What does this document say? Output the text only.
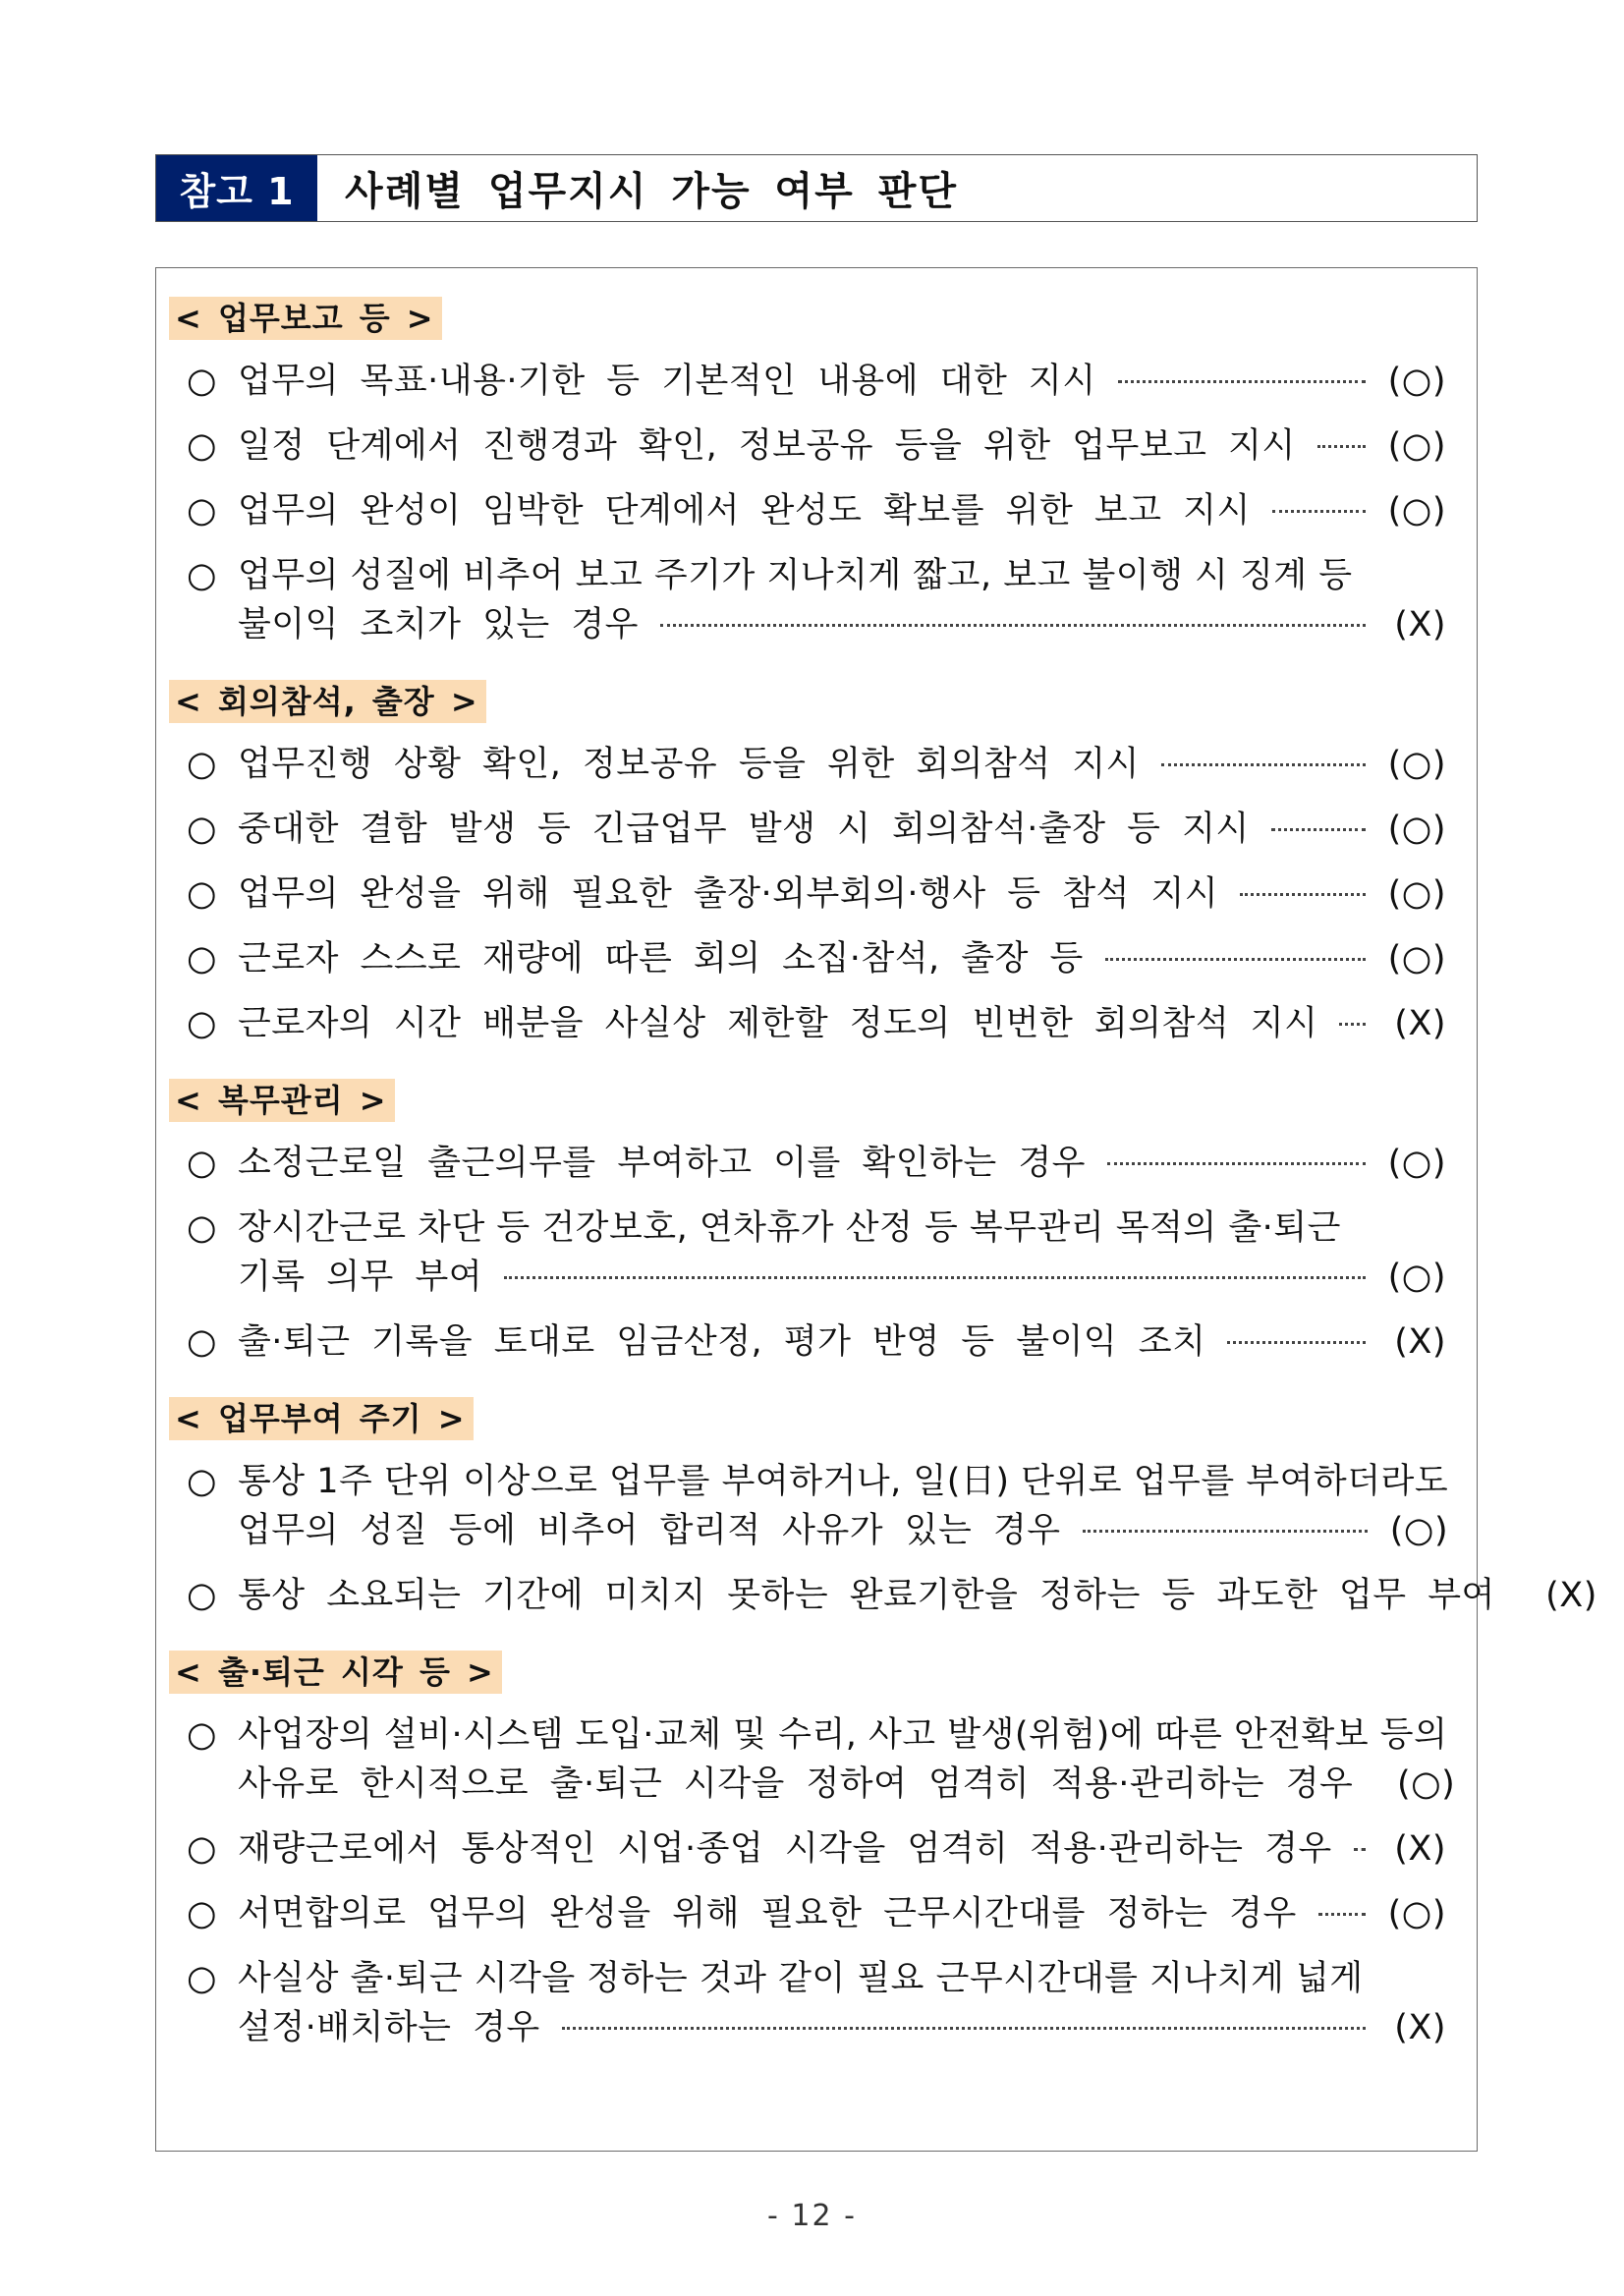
참고 1	사례별 업무지시 가능 여부 판단
< 업무보고 등 >
○ 업무의 목표·내용·기한 등 기본적인 내용에 대한 지시	(○)
○ 일정 단계에서 진행경과 확인, 정보공유 등을 위한 업무보고 지시	(○)
○ 업무의 완성이 임박한 단계에서 완성도 확보를 위한 보고 지시	(○)
○ 업무의 성질에 비추어 보고 주기가 지나치게 짧고, 보고 불이행 시 징계 등
불이익 조치가 있는 경우	(X)
< 회의참석, 출장 >
○ 업무진행 상황 확인, 정보공유 등을 위한 회의참석 지시	(○)
○ 중대한 결함 발생 등 긴급업무 발생 시 회의참석·출장 등 지시	(○)
○ 업무의 완성을 위해 필요한 출장·외부회의·행사 등 참석 지시	(○)
○ 근로자 스스로 재량에 따른 회의 소집·참석, 출장 등	(○)
○ 근로자의 시간 배분을 사실상 제한할 정도의 빈번한 회의참석 지시	(X)
< 복무관리 >
○ 소정근로일 출근의무를 부여하고 이를 확인하는 경우	(○)
○ 장시간근로 차단 등 건강보호, 연차휴가 산정 등 복무관리 목적의 출·퇴근
기록 의무 부여	(○)
○ 출·퇴근 기록을 토대로 임금산정, 평가 반영 등 불이익 조치	(X)
< 업무부여 주기 >
○ 통상 1주 단위 이상으로 업무를 부여하거나, 일(日) 단위로 업무를 부여하더라도
업무의 성질 등에 비추어 합리적 사유가 있는 경우	(○)
○ 통상 소요되는 기간에 미치지 못하는 완료기한을 정하는 등 과도한 업무 부여	(X)
< 출·퇴근 시각 등 >
○ 사업장의 설비·시스템 도입·교체 및 수리, 사고 발생(위험)에 따른 안전확보 등의
사유로 한시적으로 출·퇴근 시각을 정하여 엄격히 적용·관리하는 경우 (○)
○ 재량근로에서 통상적인 시업·종업 시각을 엄격히 적용·관리하는 경우	(X)
○ 서면합의로 업무의 완성을 위해 필요한 근무시간대를 정하는 경우	(○)
○ 사실상 출·퇴근 시각을 정하는 것과 같이 필요 근무시간대를 지나치게 넓게
설정·배치하는 경우	(X)
- 12 -
